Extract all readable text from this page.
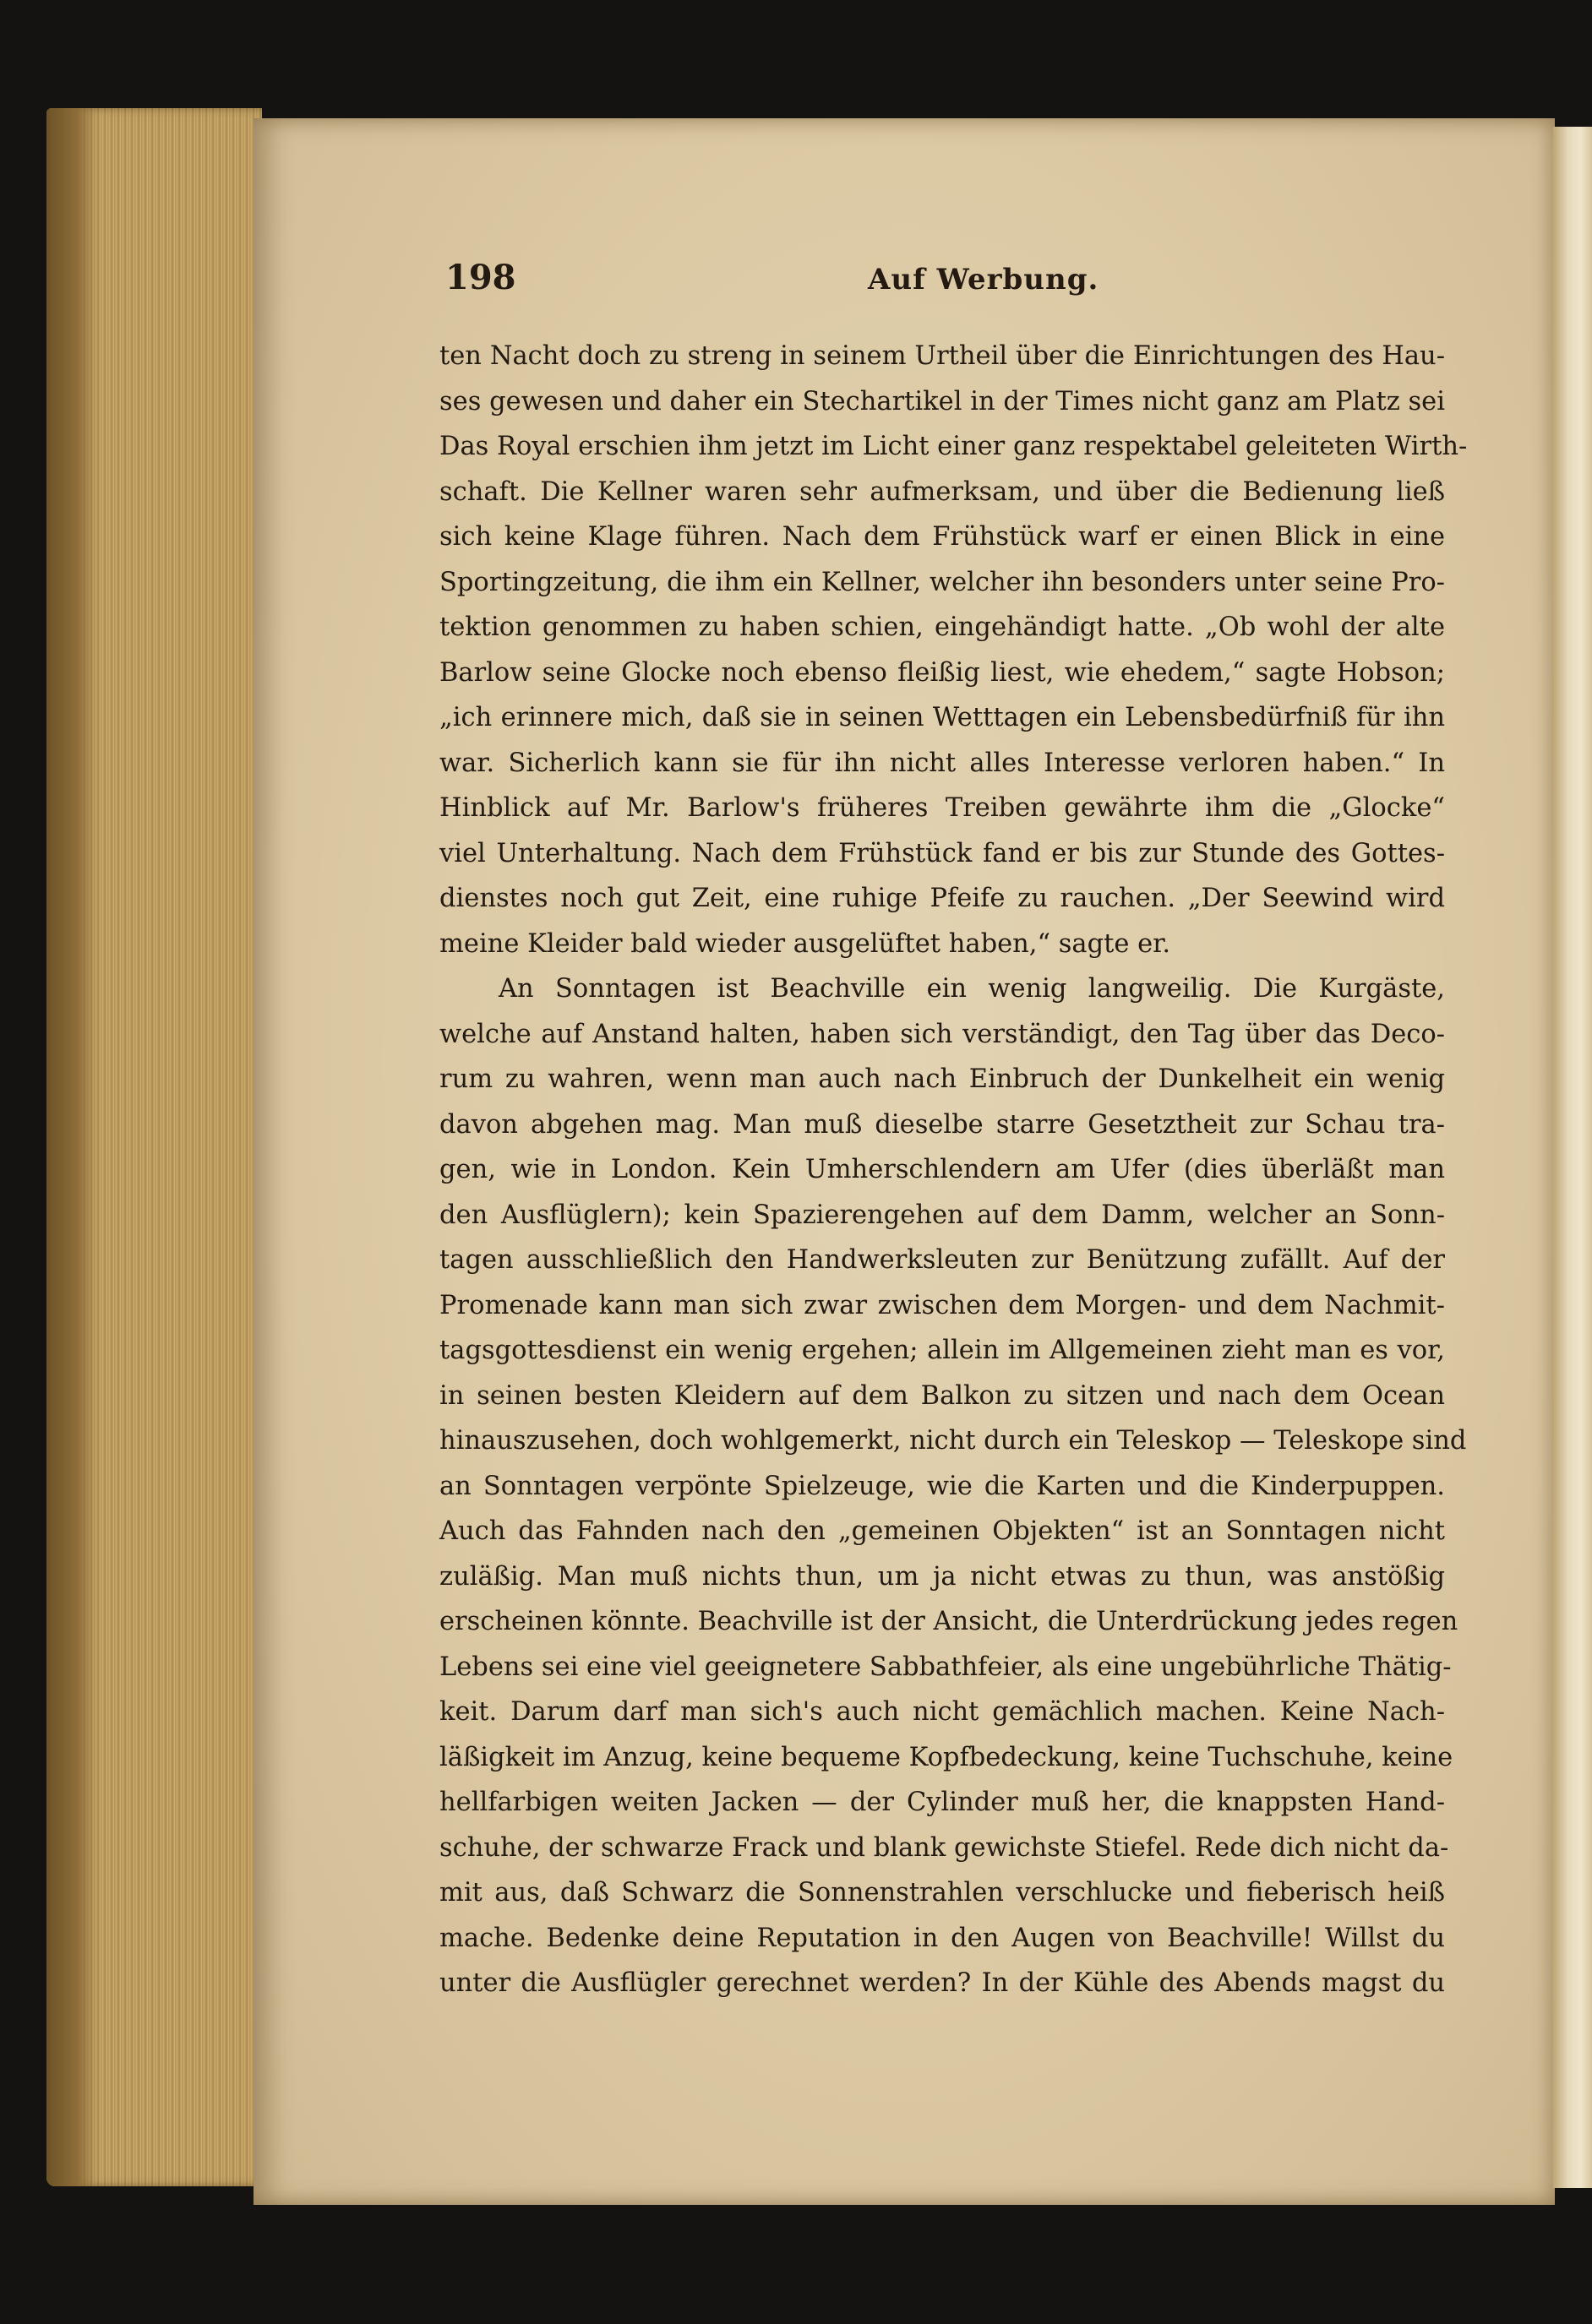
198	Auf Werbung.
ten Nacht doch zu streng in seinem Urtheil über die Einrichtungen des Hau-
ses gewesen und daher ein Stechartikel in der Times nicht ganz am Platz sei
Das Royal erschien ihm jetzt im Licht einer ganz respektabel geleiteten Wirth-
schaft. Die Kellner waren sehr aufmerksam, und über die Bedienung ließ
sich keine Klage führen. Nach dem Frühstück warf er einen Blick in eine
Sportingzeitung, die ihm ein Kellner, welcher ihn besonders unter seine Pro-
tektion genommen zu haben schien, eingehändigt hatte. „Ob wohl der alte
Barlow seine Glocke noch ebenso fleißig liest, wie ehedem,“ sagte Hobson;
„ich erinnere mich, daß sie in seinen Wetttagen ein Lebensbedürfniß für ihn
war. Sicherlich kann sie für ihn nicht alles Interesse verloren haben.“ In
Hinblick auf Mr. Barlow's früheres Treiben gewährte ihm die „Glocke“
viel Unterhaltung. Nach dem Frühstück fand er bis zur Stunde des Gottes-
dienstes noch gut Zeit, eine ruhige Pfeife zu rauchen. „Der Seewind wird
meine Kleider bald wieder ausgelüftet haben,“ sagte er.
An Sonntagen ist Beachville ein wenig langweilig. Die Kurgäste,
welche auf Anstand halten, haben sich verständigt, den Tag über das Deco-
rum zu wahren, wenn man auch nach Einbruch der Dunkelheit ein wenig
davon abgehen mag. Man muß dieselbe starre Gesetztheit zur Schau tra-
gen, wie in London. Kein Umherschlendern am Ufer (dies überläßt man
den Ausflüglern); kein Spazierengehen auf dem Damm, welcher an Sonn-
tagen ausschließlich den Handwerksleuten zur Benützung zufällt. Auf der
Promenade kann man sich zwar zwischen dem Morgen- und dem Nachmit-
tagsgottesdienst ein wenig ergehen; allein im Allgemeinen zieht man es vor,
in seinen besten Kleidern auf dem Balkon zu sitzen und nach dem Ocean
hinauszusehen, doch wohlgemerkt, nicht durch ein Teleskop — Teleskope sind
an Sonntagen verpönte Spielzeuge, wie die Karten und die Kinderpuppen.
Auch das Fahnden nach den „gemeinen Objekten“ ist an Sonntagen nicht
zuläßig. Man muß nichts thun, um ja nicht etwas zu thun, was anstößig
erscheinen könnte. Beachville ist der Ansicht, die Unterdrückung jedes regen
Lebens sei eine viel geeignetere Sabbathfeier, als eine ungebührliche Thätig-
keit. Darum darf man sich's auch nicht gemächlich machen. Keine Nach-
läßigkeit im Anzug, keine bequeme Kopfbedeckung, keine Tuchschuhe, keine
hellfarbigen weiten Jacken — der Cylinder muß her, die knappsten Hand-
schuhe, der schwarze Frack und blank gewichste Stiefel. Rede dich nicht da-
mit aus, daß Schwarz die Sonnenstrahlen verschlucke und fieberisch heiß
mache. Bedenke deine Reputation in den Augen von Beachville! Willst du
unter die Ausflügler gerechnet werden? In der Kühle des Abends magst du
